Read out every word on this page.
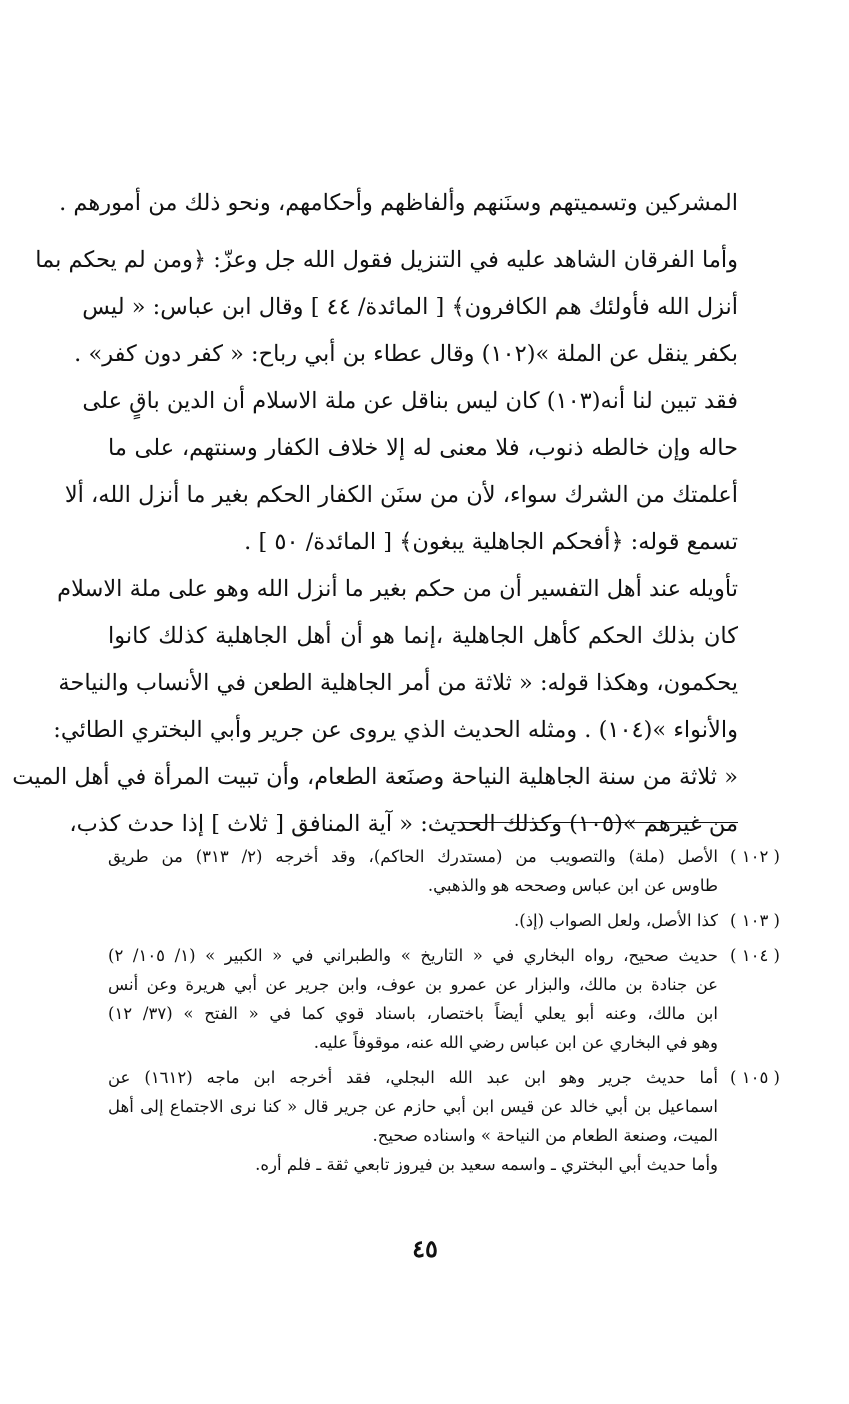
المشركين وتسميتهم وسنَنهم وألفاظهم وأحكامهم، ونحو ذلك من أمورهم .
وأما الفرقان الشاهد عليه في التنزيل فقول الله جل وعزّ: ﴿ومن لم يحكم بما
أنزل الله فأولئك هم الكافرون﴾ [ المائدة/ ٤٤ ] وقال ابن عباس: « ليس
بكفر ينقل عن الملة »(١٠٢) وقال عطاء بن أبي رباح: « كفر دون كفر» .
فقد تبين لنا أنه(١٠٣) كان ليس بناقل عن ملة الاسلام أن الدين باقٍ على
حاله وإن خالطه ذنوب، فلا معنى له إلا خلاف الكفار وسنتهم، على ما
أعلمتك من الشرك سواء، لأن من سنَن الكفار الحكم بغير ما أنزل الله، ألا
تسمع قوله: ﴿أفحكم الجاهلية يبغون﴾ [ المائدة/ ٥٠ ] .
تأويله عند أهل التفسير أن من حكم بغير ما أنزل الله وهو على ملة الاسلام
كان بذلك الحكم كأهل الجاهلية ،إنما هو أن أهل الجاهلية كذلك كانوا
يحكمون، وهكذا قوله: « ثلاثة من أمر الجاهلية الطعن في الأنساب والنياحة
والأنواء »(١٠٤) . ومثله الحديث الذي يروى عن جرير وأبي البختري الطائي:
« ثلاثة من سنة الجاهلية النياحة وصنَعة الطعام، وأن تبيت المرأة في أهل الميت
من غيرهم »(١٠٥) وكذلك الحديث: « آية المنافق [ ثلاث ] إذا حدث كذب،
( ١٠٢ )
الأصل (ملة) والتصويب من (مستدرك الحاكم)، وقد أخرجه (٢/ ٣١٣) من طريق
طاوس عن ابن عباس وصححه هو والذهبي.
( ١٠٣ )
كذا الأصل، ولعل الصواب (إذ).
( ١٠٤ )
حديث صحيح، رواه البخاري في « التاريخ » والطبراني في « الكبير » (١/ ١٠٥/ ٢)
عن جنادة بن مالك، والبزار عن عمرو بن عوف، وابن جرير عن أبي هريرة وعن أنس
ابن مالك، وعنه أبو يعلي أيضاً باختصار، باسناد قوي كما في « الفتح » (٣٧/ ١٢)
وهو في البخاري عن ابن عباس رضي الله عنه، موقوفاً عليه.
( ١٠٥ )
أما حديث جرير وهو ابن عبد الله البجلي، فقد أخرجه ابن ماجه (١٦١٢) عن
اسماعيل بن أبي خالد عن قيس ابن أبي حازم عن جرير قال « كنا نرى الاجتماع إلى أهل
الميت، وصنعة الطعام من النياحة » واسناده صحيح.
وأما حديث أبي البختري ـ واسمه سعيد بن فيروز تابعي ثقة ـ فلم أره.
٤٥
